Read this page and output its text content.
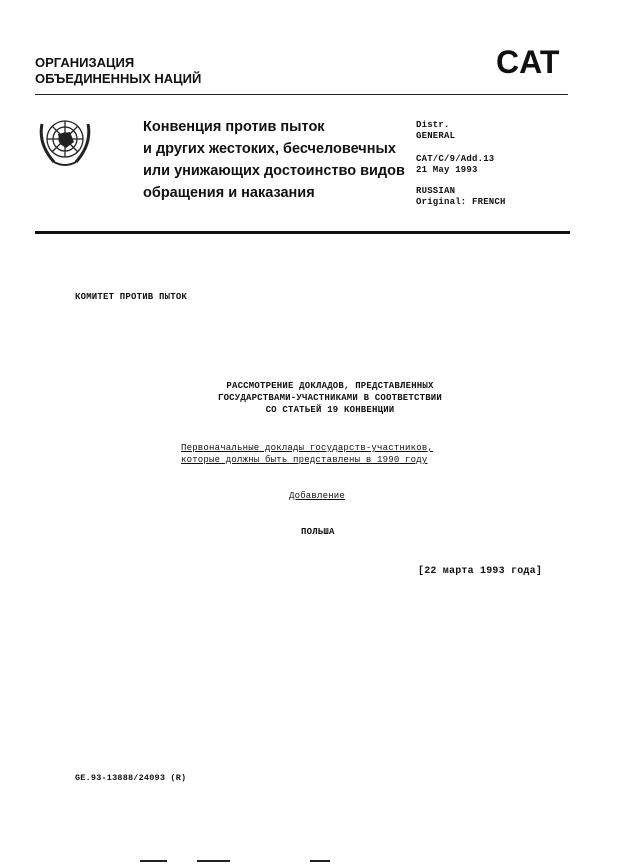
ОРГАНИЗАЦИЯ
ОБЪЕДИНЕННЫХ НАЦИЙ	CAT
Конвенция против пыток
и других жестоких, бесчеловечных
или унижающих достоинство видов
обращения и наказания
Distr.
GENERAL
CAT/C/9/Add.13
21 May 1993
RUSSIAN
Original: FRENCH
КОМИТЕТ ПРОТИВ ПЫТОК
РАССМОТРЕНИЕ ДОКЛАДОВ, ПРЕДСТАВЛЕННЫХ
ГОСУДАРСТВАМИ-УЧАСТНИКАМИ В СООТВЕТСТВИИ
СО СТАТЬЕЙ 19 КОНВЕНЦИИ
Первоначальные доклады государств-участников,
которые должны быть представлены в 1990 году
Добавление
ПОЛЬША
[22 марта 1993 года]
GE.93-13888/24093 (R)
